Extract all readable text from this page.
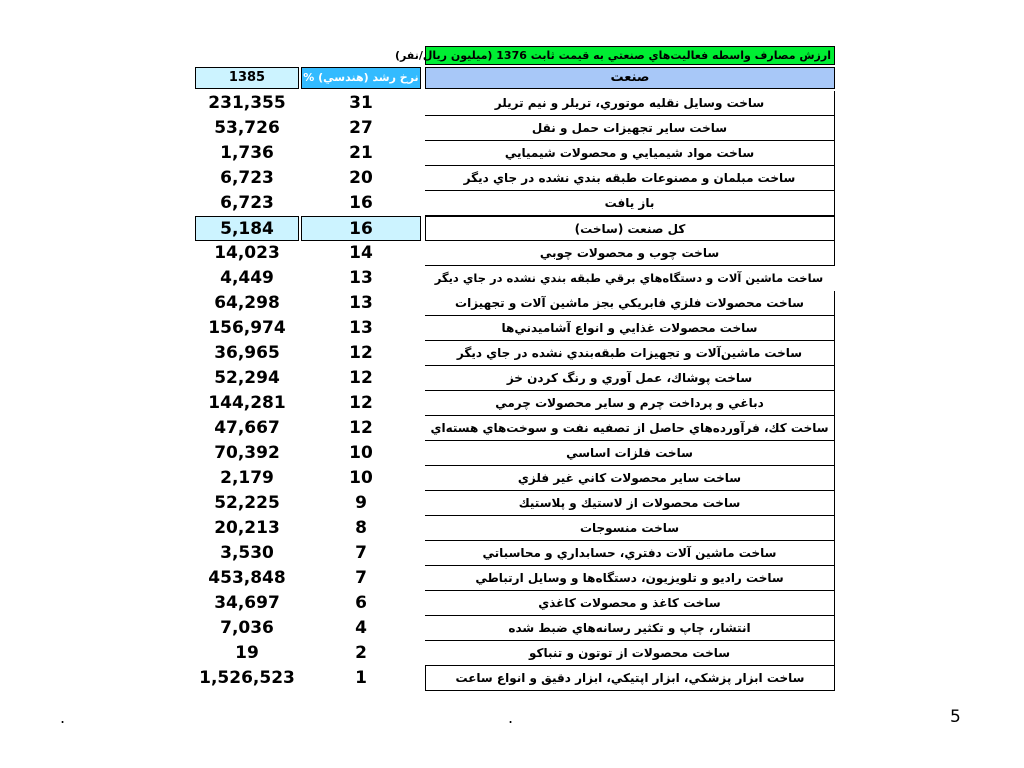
ارزش مصارف واسطه فعاليت‌هاي صنعتي به قيمت ثابت 1376 (ميليون ريال/نفر)
1385	نرخ رشد (هندسي) %	صنعت
231,355	31	ساخت وسايل نقليه موتوري، تريلر و نيم تريلر
53,726	27	ساخت ساير تجهيزات حمل و نقل
1,736	21	ساخت مواد شيميايي و محصولات شيميايي
6,723	20	ساخت مبلمان و مصنوعات طبقه بندي نشده در جاي ديگر
6,723	16	باز يافت
5,184	16	كل صنعت (ساخت)
14,023	14	ساخت چوب و محصولات چوبي
4,449	13	ساخت ماشين آلات و دستگاه‌هاي برقي طبقه بندي نشده در جاي ديگر
64,298	13	ساخت محصولات فلزي فابريكي بجز ماشين آلات و تجهيزات
156,974	13	ساخت محصولات غذايي و انواع آشاميدني‌ها
36,965	12	ساخت ماشين‌آلات و تجهيزات طبقه‌بندي نشده در جاي ديگر
52,294	12	ساخت پوشاك، عمل آوري و رنگ كردن خز
144,281	12	دباغي و پرداخت چرم و ساير محصولات چرمي
47,667	12	ساخت كك، فرآورده‌هاي حاصل از تصفيه نفت و سوخت‌هاي هسته‌اي
70,392	10	ساخت فلزات اساسي
2,179	10	ساخت ساير محصولات كاني غير فلزي
52,225	9	ساخت محصولات از لاستيك و پلاستيك
20,213	8	ساخت منسوجات
3,530	7	ساخت ماشين آلات دفتري، حسابداري و محاسباتي
453,848	7	ساخت راديو و تلويزيون، دستگاه‌ها و وسايل ارتباطي
34,697	6	ساخت كاغذ و محصولات كاغذي
7,036	4	انتشار، چاپ و تكثير رسانه‌هاي ضبط شده
19	2	ساخت محصولات از توتون و تنباكو
1,526,523	1	ساخت ابزار پزشكي، ابزار اپتيكي، ابزار دقيق و انواع ساعت
.	.	5
